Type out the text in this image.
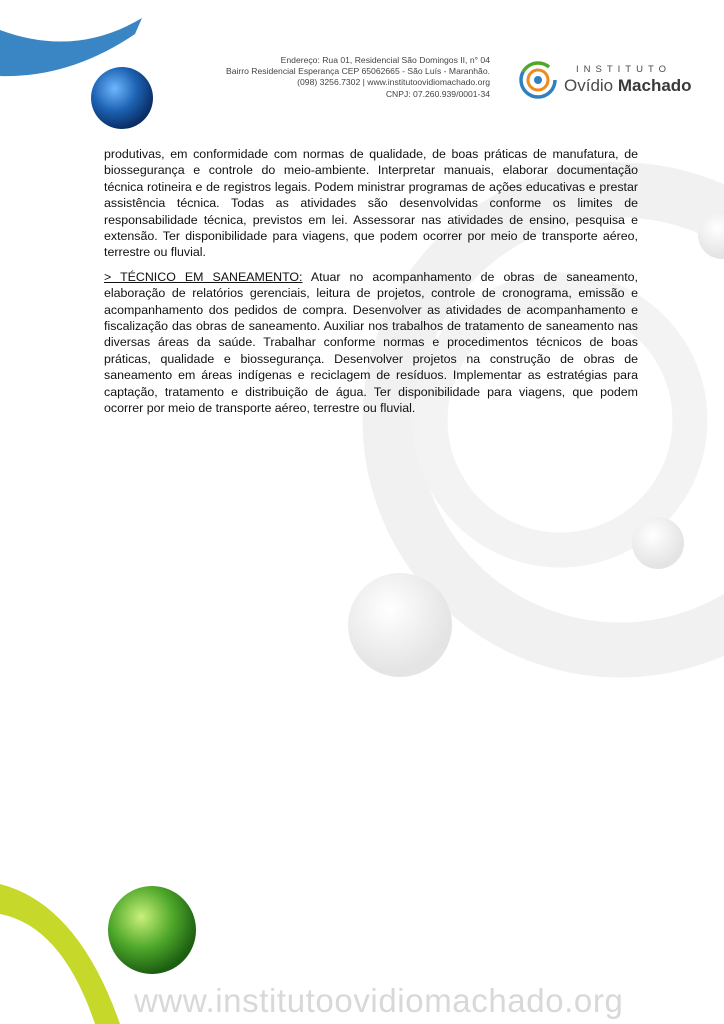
Endereço: Rua 01, Residencial São Domingos II, n° 04
Bairro Residencial Esperança CEP 65062665 - São Luís - Maranhão.
(098) 3256.7302 | www.institutoovidiomachado.org
CNPJ: 07.260.939/0001-34
INSTITUTO
Ovídio Machado

produtivas, em conformidade com normas de qualidade, de boas práticas de manufatura, de biossegurança e controle do meio-ambiente. Interpretar manuais, elaborar documentação técnica rotineira e de registros legais. Podem ministrar programas de ações educativas e prestar assistência técnica. Todas as atividades são desenvolvidas conforme os limites de responsabilidade técnica, previstos em lei. Assessorar nas atividades de ensino, pesquisa e extensão. Ter disponibilidade para viagens, que podem ocorrer por meio de transporte aéreo, terrestre ou fluvial.

> TÉCNICO EM SANEAMENTO: Atuar no acompanhamento de obras de saneamento, elaboração de relatórios gerenciais, leitura de projetos, controle de cronograma, emissão e acompanhamento dos pedidos de compra. Desenvolver as atividades de acompanhamento e fiscalização das obras de saneamento. Auxiliar nos trabalhos de tratamento de saneamento nas diversas áreas da saúde. Trabalhar conforme normas e procedimentos técnicos de boas práticas, qualidade e biossegurança. Desenvolver projetos na construção de obras de saneamento em áreas indígenas e reciclagem de resíduos. Implementar as estratégias para captação, tratamento e distribuição de água. Ter disponibilidade para viagens, que podem ocorrer por meio de transporte aéreo, terrestre ou fluvial.

www.institutoovidiomachado.org
